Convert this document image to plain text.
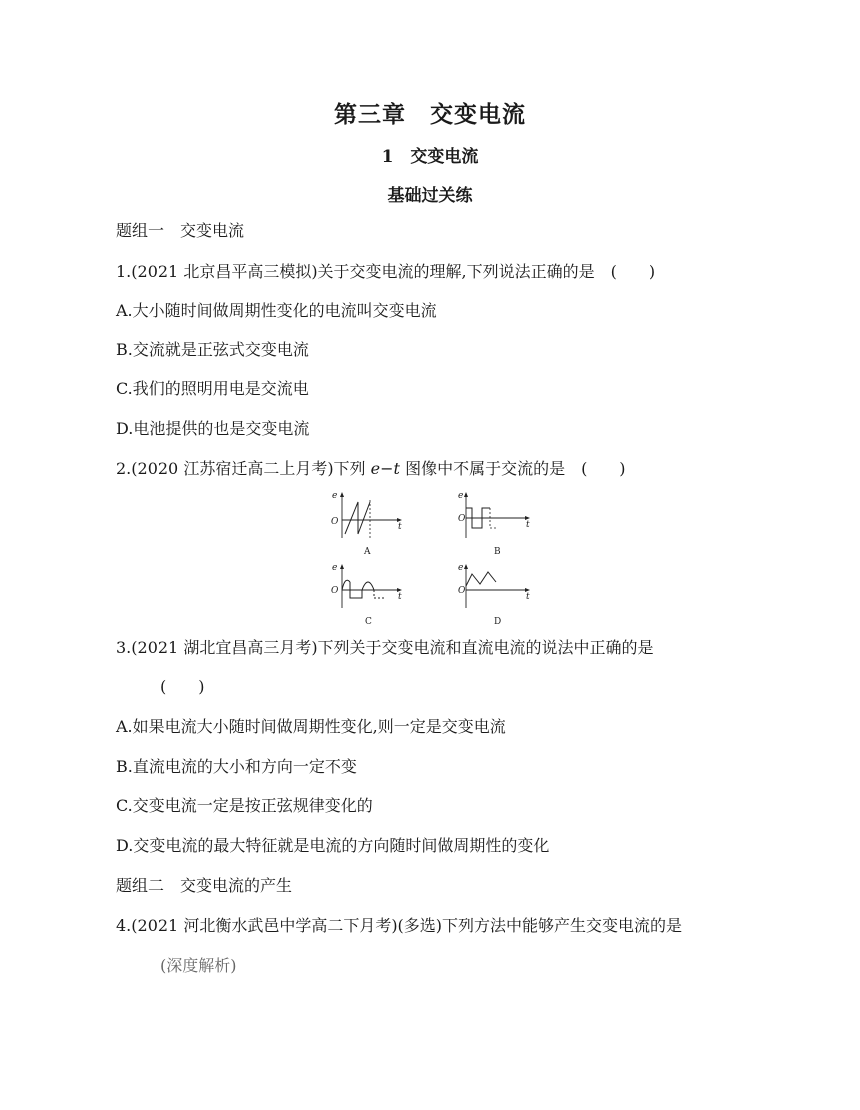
第三章　交变电流
1　交变电流
基础过关练
题组一　交变电流
1.(2021 北京昌平高三模拟)关于交变电流的理解,下列说法正确的是　(　　)
A.大小随时间做周期性变化的电流叫交变电流
B.交流就是正弦式交变电流
C.我们的照明用电是交流电
D.电池提供的也是交变电流
2.(2020 江苏宿迁高二上月考)下列 e−t 图像中不属于交流的是　(　　)
e
t
O
A
e
t
O
B
e
t
O
C
e
t
O
D
3.(2021 湖北宜昌高三月考)下列关于交变电流和直流电流的说法中正确的是
(　　)
A.如果电流大小随时间做周期性变化,则一定是交变电流
B.直流电流的大小和方向一定不变
C.交变电流一定是按正弦规律变化的
D.交变电流的最大特征就是电流的方向随时间做周期性的变化
题组二　交变电流的产生
4.(2021 河北衡水武邑中学高二下月考)(多选)下列方法中能够产生交变电流的是
(深度解析)
